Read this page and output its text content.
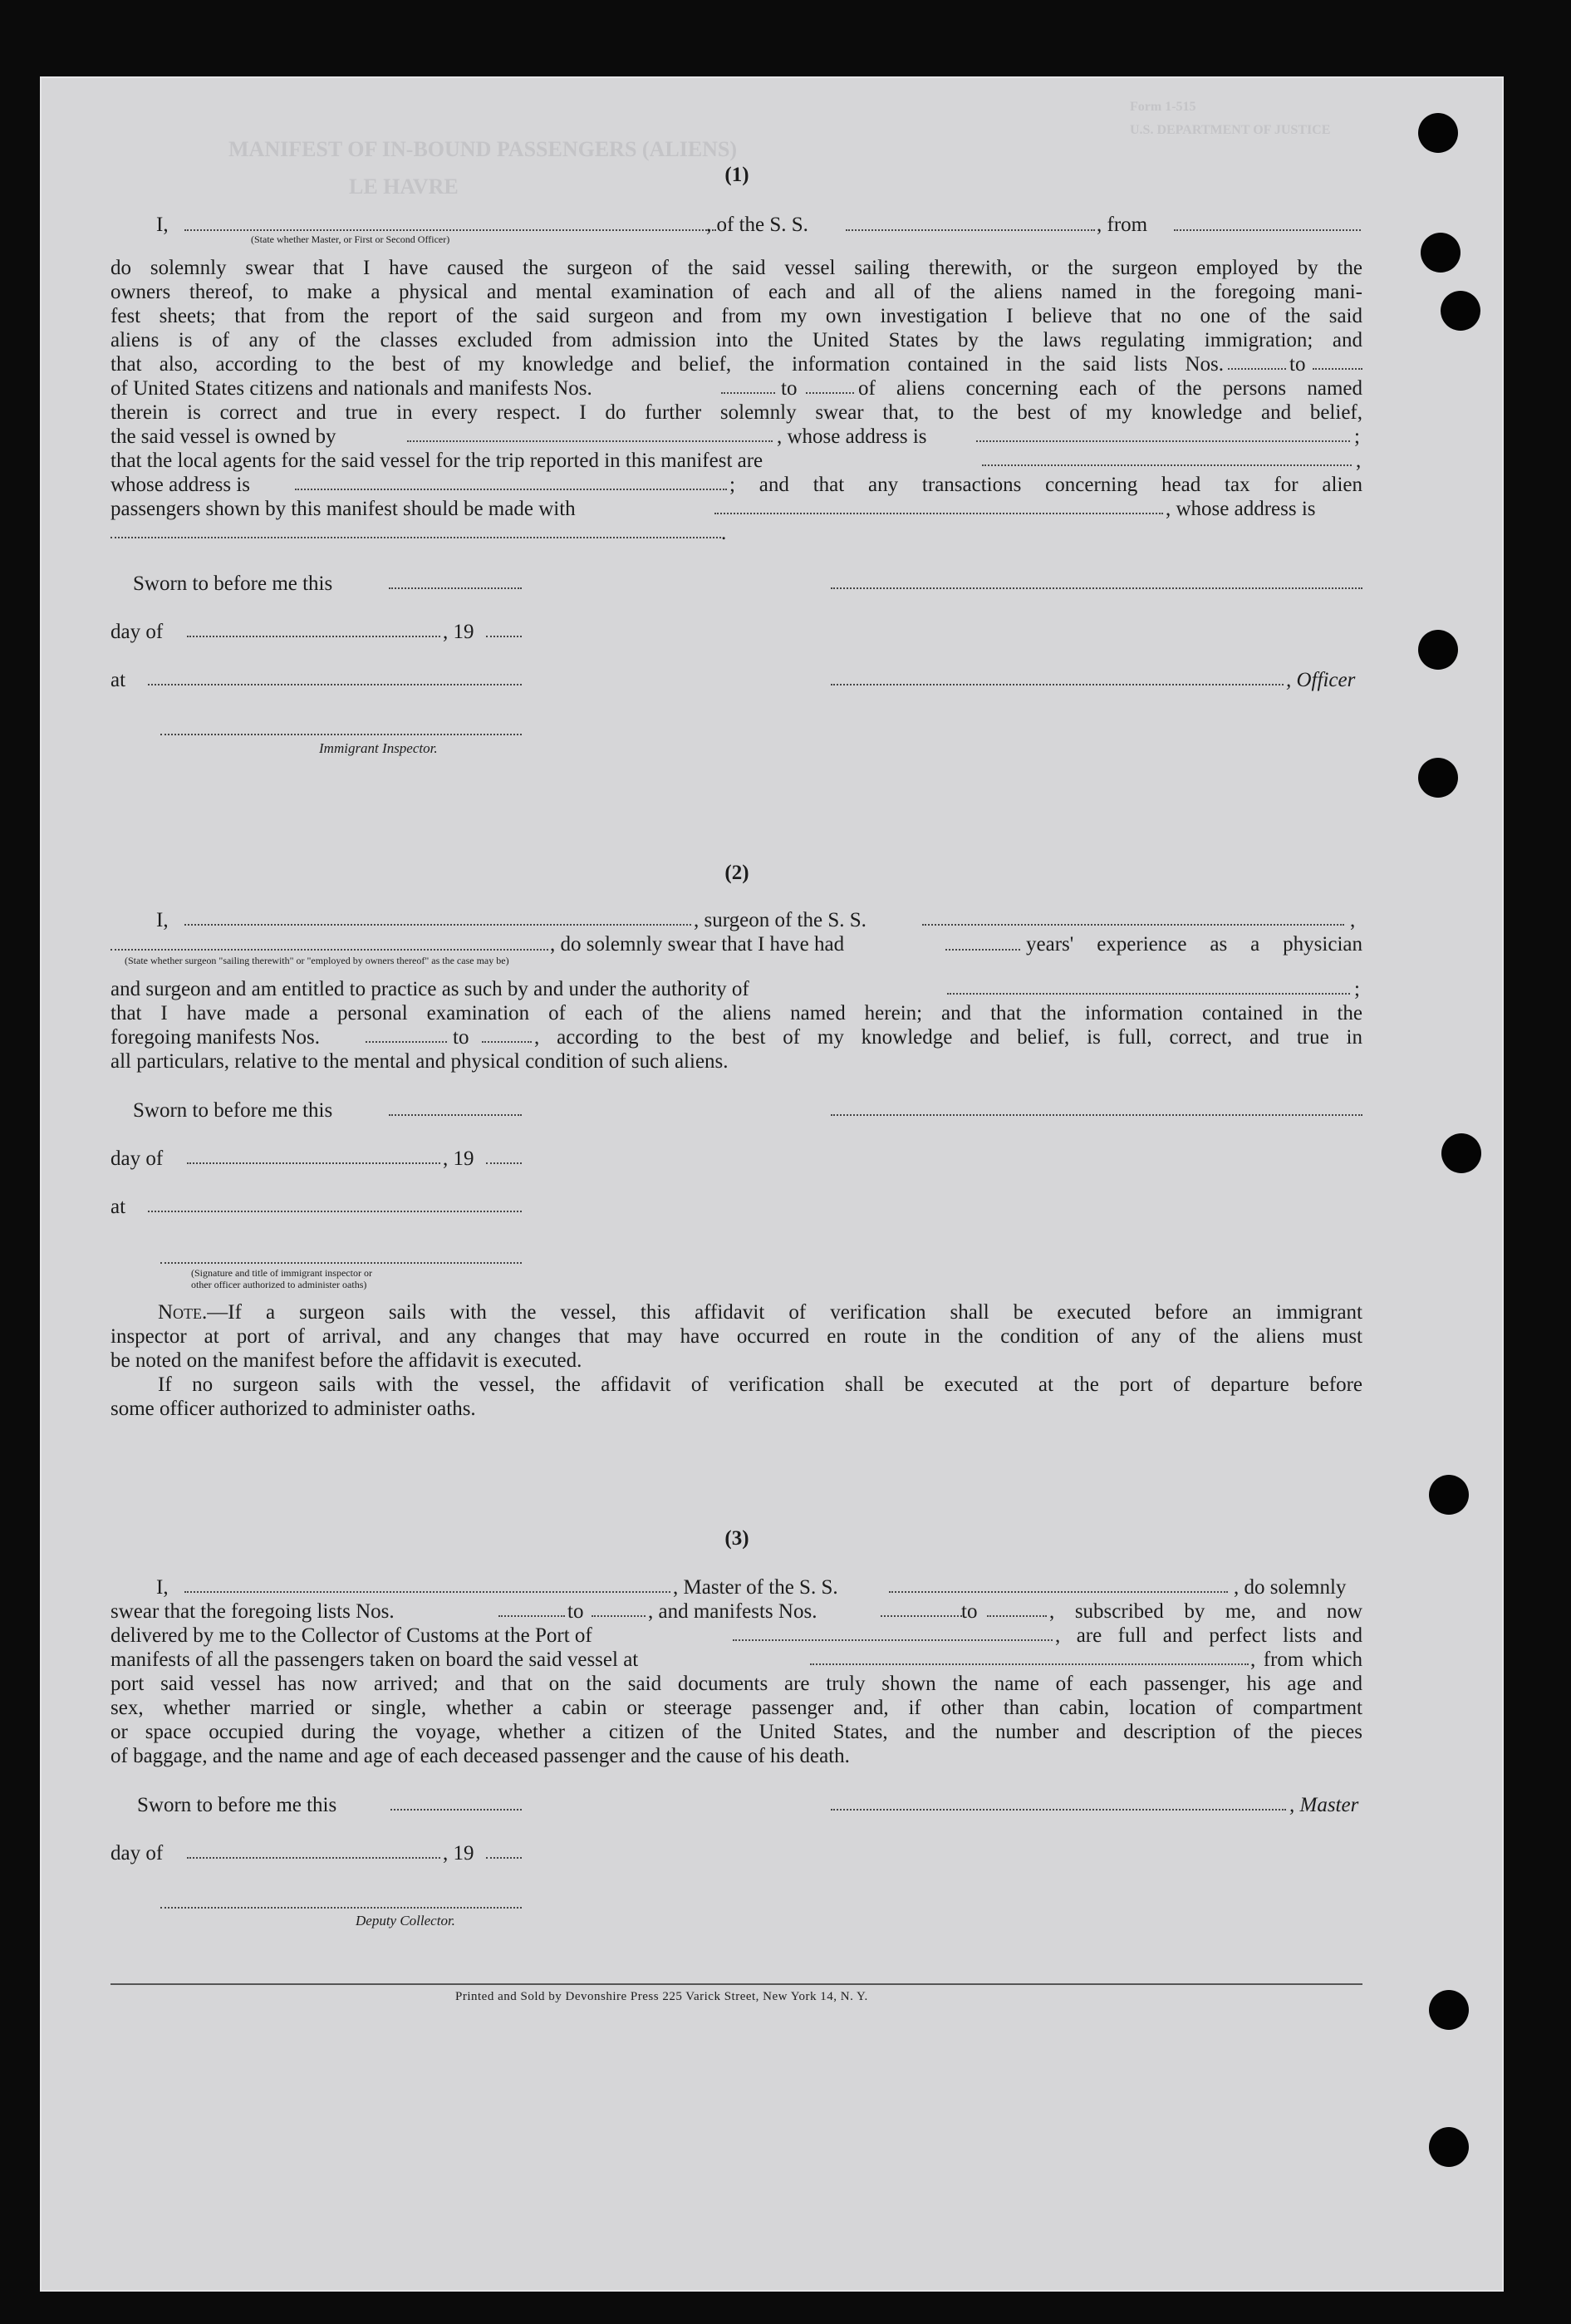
MANIFEST OF IN-BOUND PASSENGERS (ALIENS)
LE HAVRE
Form 1-515
U.S. DEPARTMENT OF JUSTICE
(1)
I,
(State whether Master, or First or Second Officer)
, of the S. S.	, from
do solemnly swear that I have caused the surgeon of the said vessel sailing therewith, or the surgeon employed by the
owners thereof, to make a physical and mental examination of each and all of the aliens named in the foregoing mani-
fest sheets; that from the report of the said surgeon and from my own investigation I believe that no one of the said
aliens is of any of the classes excluded from admission into the United States by the laws regulating immigration; and
that also, according to the best of my knowledge and belief, the information contained in the said lists Nos.	to
of United States citizens and nationals and manifests Nos.	to	of aliens concerning each of the persons named
therein is correct and true in every respect. I do further solemnly swear that, to the best of my knowledge and belief,
the said vessel is owned by	, whose address is	;
that the local agents for the said vessel for the trip reported in this manifest are	,
whose address is	; and that any transactions concerning head tax for alien
passengers shown by this manifest should be made with	, whose address is
.
Sworn to before me this
day of	, 19
at	, Officer
Immigrant Inspector.
(2)
I,	, surgeon of the S. S.	,
, do solemnly swear that I have had	years' experience as a physician
(State whether surgeon "sailing therewith" or "employed by owners thereof" as the case may be)
and surgeon and am entitled to practice as such by and under the authority of	;
that I have made a personal examination of each of the aliens named herein; and that the information contained in the
foregoing manifests Nos.	to	, according to the best of my knowledge and belief, is full, correct, and true in
all particulars, relative to the mental and physical condition of such aliens.
Sworn to before me this
day of	, 19
at
(Signature and title of immigrant inspector or
other officer authorized to administer oaths)
Note.—If a surgeon sails with the vessel, this affidavit of verification shall be executed before an immigrant
inspector at port of arrival, and any changes that may have occurred en route in the condition of any of the aliens must
be noted on the manifest before the affidavit is executed.
If no surgeon sails with the vessel, the affidavit of verification shall be executed at the port of departure before
some officer authorized to administer oaths.
(3)
I,	, Master of the S. S.	, do solemnly
swear that the foregoing lists Nos.	to	, and manifests Nos.	to	, subscribed by me, and now
delivered by me to the Collector of Customs at the Port of	, are full and perfect lists and
manifests of all the passengers taken on board the said vessel at	, from which
port said vessel has now arrived; and that on the said documents are truly shown the name of each passenger, his age and
sex, whether married or single, whether a cabin or steerage passenger and, if other than cabin, location of compartment
or space occupied during the voyage, whether a citizen of the United States, and the number and description of the pieces
of baggage, and the name and age of each deceased passenger and the cause of his death.
Sworn to before me this	, Master
day of	, 19
Deputy Collector.
Printed and Sold by Devonshire Press 225 Varick Street, New York 14, N. Y.
